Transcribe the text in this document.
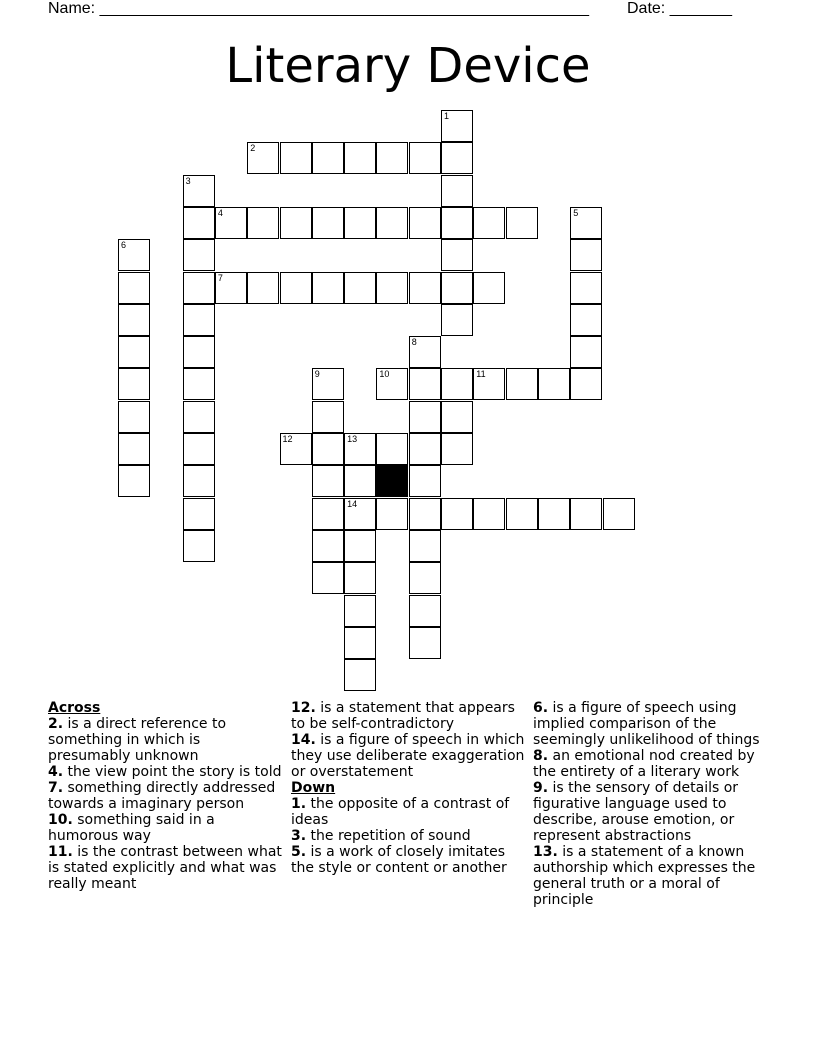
Name: _______________________________________________________ Date: _______
Literary Device
1
2
3
4	5
6
7
8
9	10	11
12	13
14
Across
2. is a direct reference to something in which is presumably unknown
4. the view point the story is told
7. something directly addressed towards a imaginary person
10. something said in a humorous way
11. is the contrast between what is stated explicitly and what was really meant
12. is a statement that appears to be self-contradictory
14. is a figure of speech in which they use deliberate exaggeration or overstatement
Down
1. the opposite of a contrast of ideas
3. the repetition of sound
5. is a work of closely imitates the style or content or another
6. is a figure of speech using implied comparison of the seemingly unlikelihood of things
8. an emotional nod created by the entirety of a literary work
9. is the sensory of details or figurative language used to describe, arouse emotion, or represent abstractions
13. is a statement of a known authorship which expresses the general truth or a moral of principle
